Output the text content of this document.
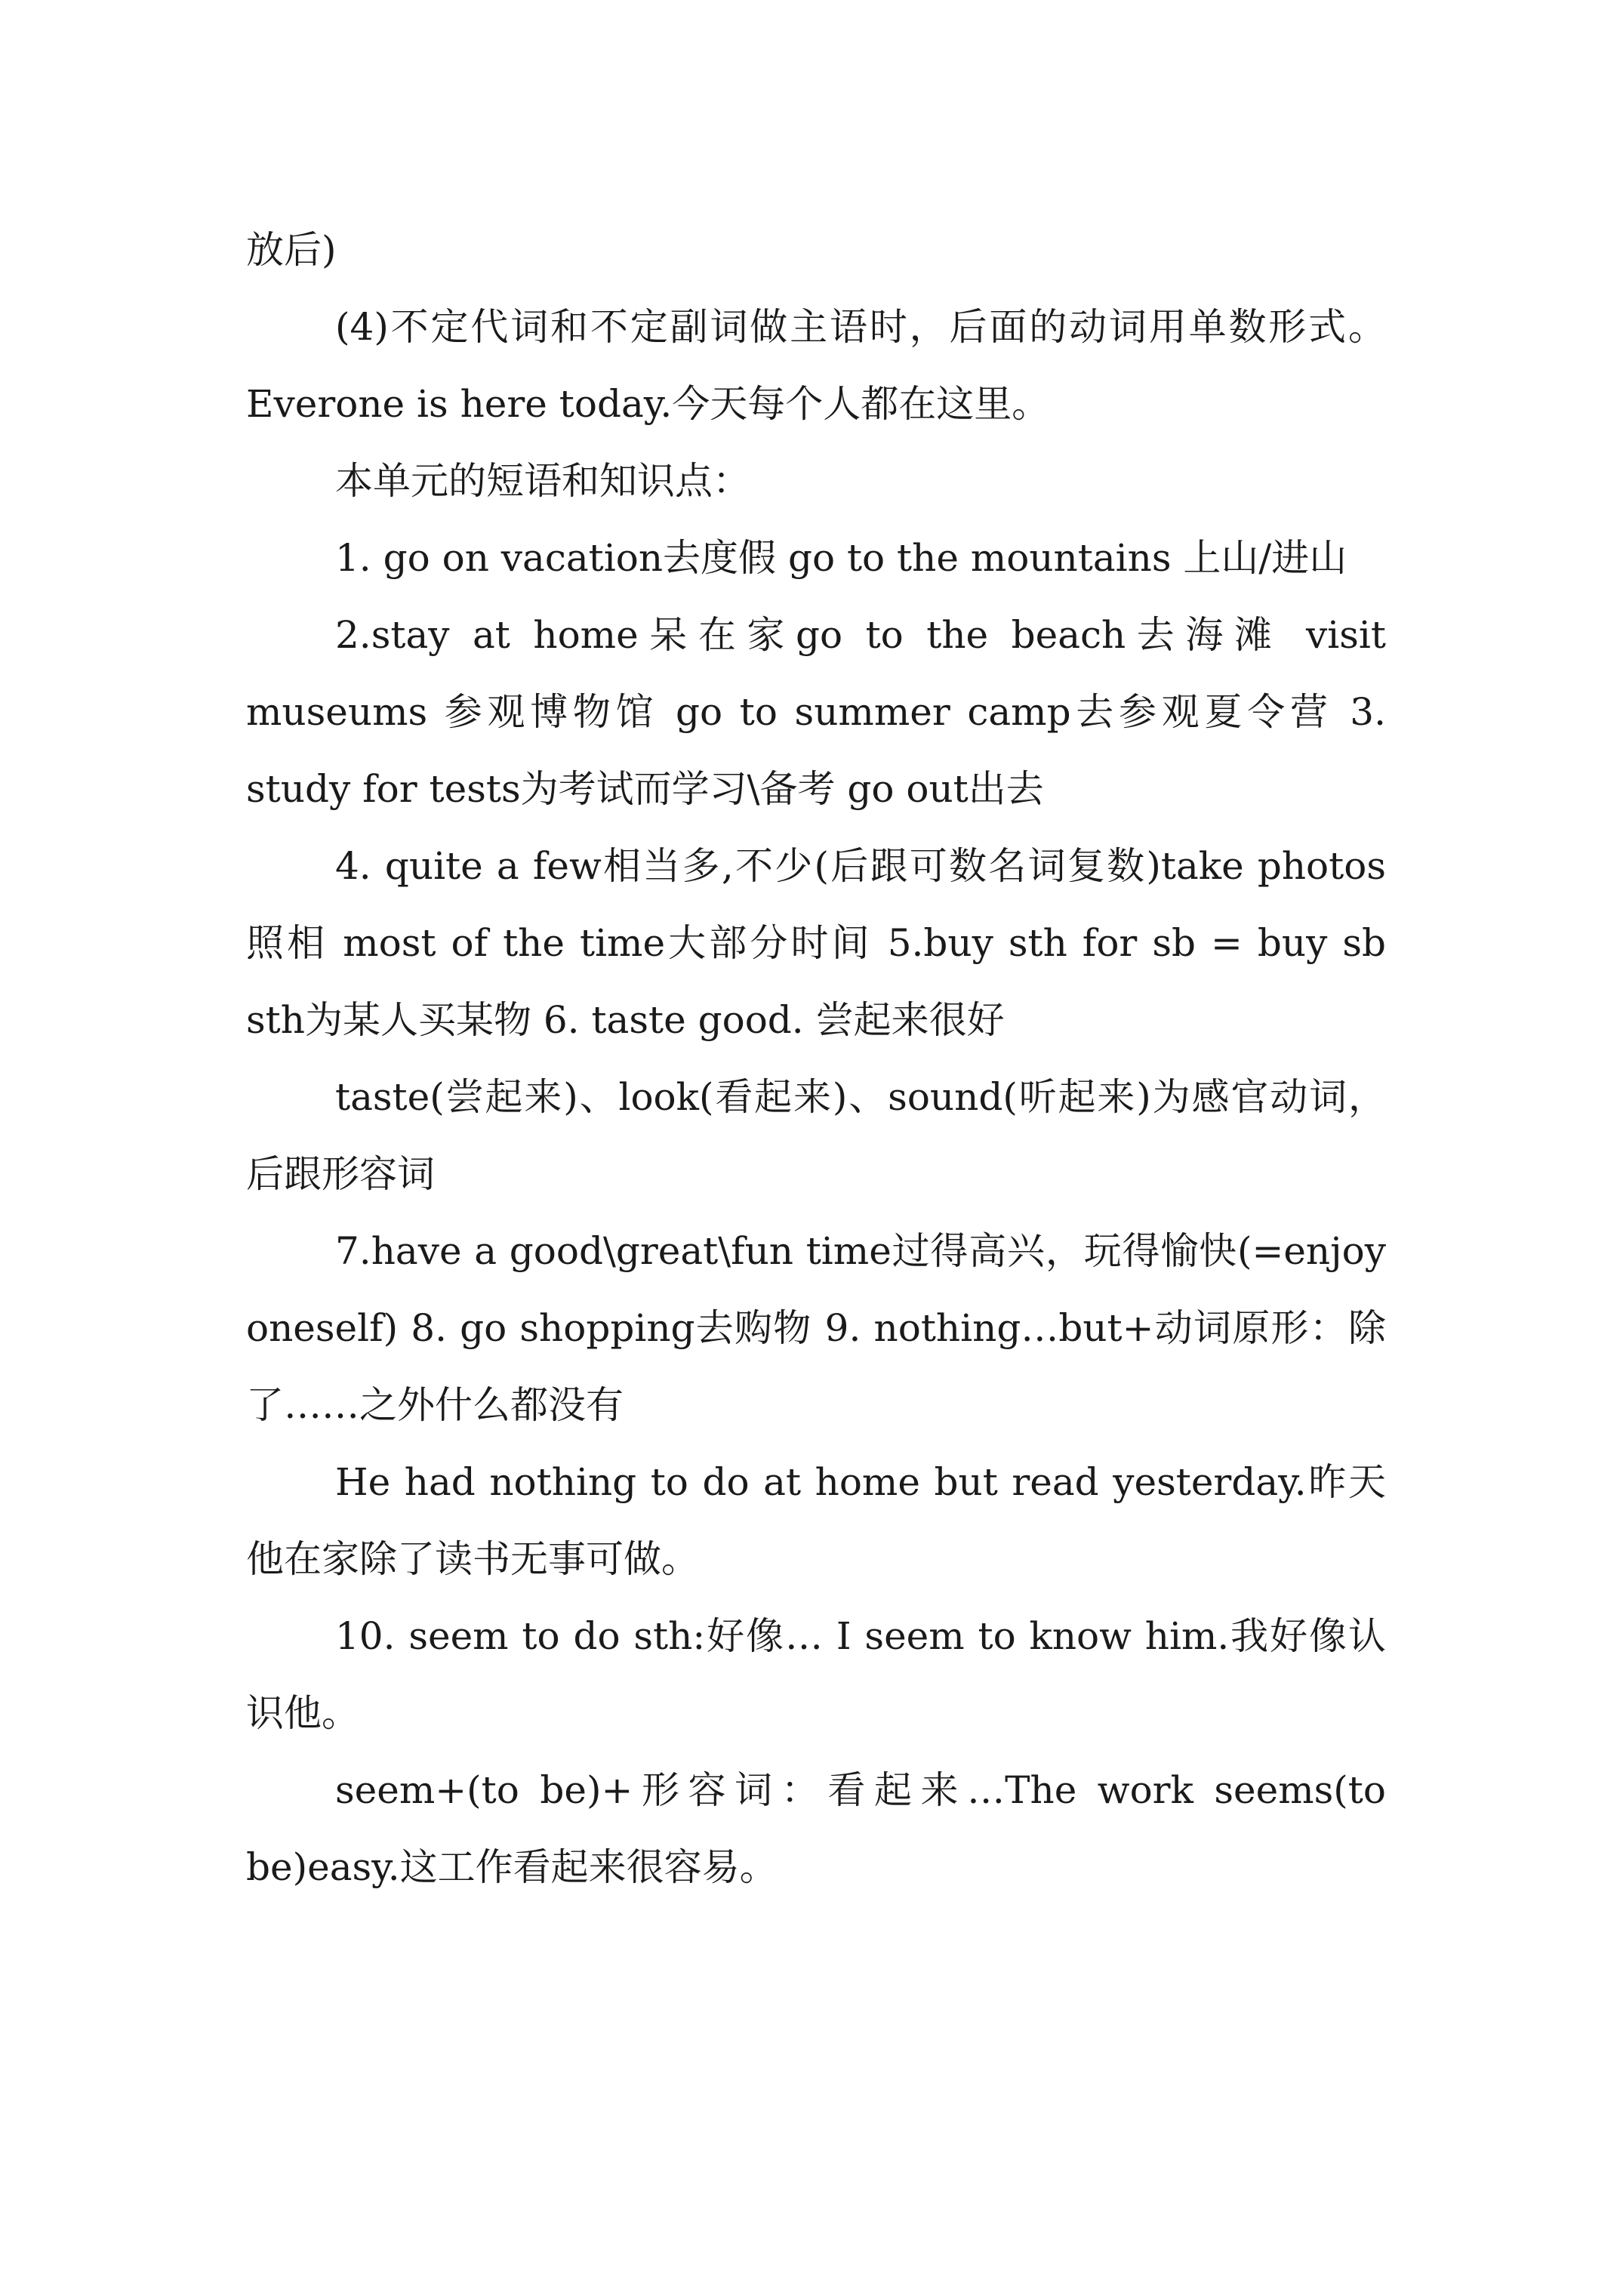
放后)

(4)不定代词和不定副词做主语时，后面的动词用单数形式。Everone is here today.今天每个人都在这里。

本单元的短语和知识点：

1. go on vacation去度假 go to the mountains 上山/进山

2.stay at home呆在家go to the beach去海滩 visit museums 参观博物馆 go to summer camp去参观夏令营 3. study for tests为考试而学习\备考 go out出去

4. quite a few相当多,不少(后跟可数名词复数)take photos照相 most of the time大部分时间 5.buy sth for sb = buy sb sth为某人买某物 6. taste good. 尝起来很好

taste(尝起来)、look(看起来)、sound(听起来)为感官动词，后跟形容词

7.have a good\great\fun time过得高兴，玩得愉快(=enjoy oneself) 8. go shopping去购物 9. nothing…but+动词原形：除了……之外什么都没有

He had nothing to do at home but read yesterday.昨天他在家除了读书无事可做。

10. seem to do sth:好像… I seem to know him.我好像认识他。

seem+(to be)+形容词：看起来…The work seems(to be)easy.这工作看起来很容易。
